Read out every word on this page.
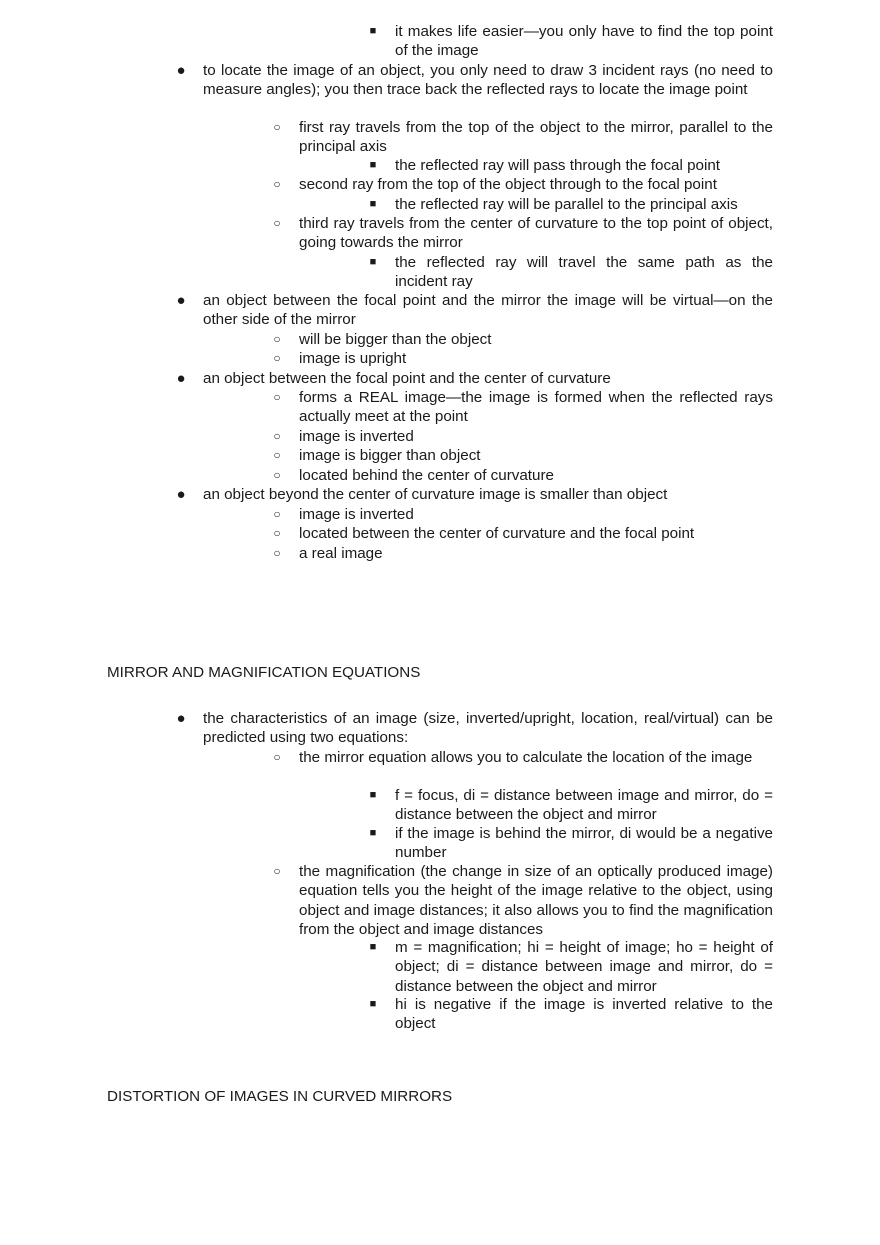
■ it makes life easier—you only have to find the top point of the image
● to locate the image of an object, you only need to draw 3 incident rays (no need to measure angles); you then trace back the reflected rays to locate the image point
○ first ray travels from the top of the object to the mirror, parallel to the principal axis
■ the reflected ray will pass through the focal point
○ second ray from the top of the object through to the focal point
■ the reflected ray will be parallel to the principal axis
○ third ray travels from the center of curvature to the top point of object, going towards the mirror
■ the reflected ray will travel the same path as the incident ray
● an object between the focal point and the mirror the image will be virtual—on the other side of the mirror
○ will be bigger than the object
○ image is upright
● an object between the focal point and the center of curvature
○ forms a REAL image—the image is formed when the reflected rays actually meet at the point
○ image is inverted
○ image is bigger than object
○ located behind the center of curvature
● an object beyond the center of curvature image is smaller than object
○ image is inverted
○ located between the center of curvature and the focal point
○ a real image
MIRROR AND MAGNIFICATION EQUATIONS
● the characteristics of an image (size, inverted/upright, location, real/virtual) can be predicted using two equations:
○ the mirror equation allows you to calculate the location of the image
■ f = focus, di = distance between image and mirror, do = distance between the object and mirror
■ if the image is behind the mirror, di would be a negative number
○ the magnification (the change in size of an optically produced image) equation tells you the height of the image relative to the object, using object and image distances; it also allows you to find the magnification from the object and image distances
■ m = magnification; hi = height of image; ho = height of object; di = distance between image and mirror, do = distance between the object and mirror
■ hi is negative if the image is inverted relative to the object
DISTORTION OF IMAGES IN CURVED MIRRORS
